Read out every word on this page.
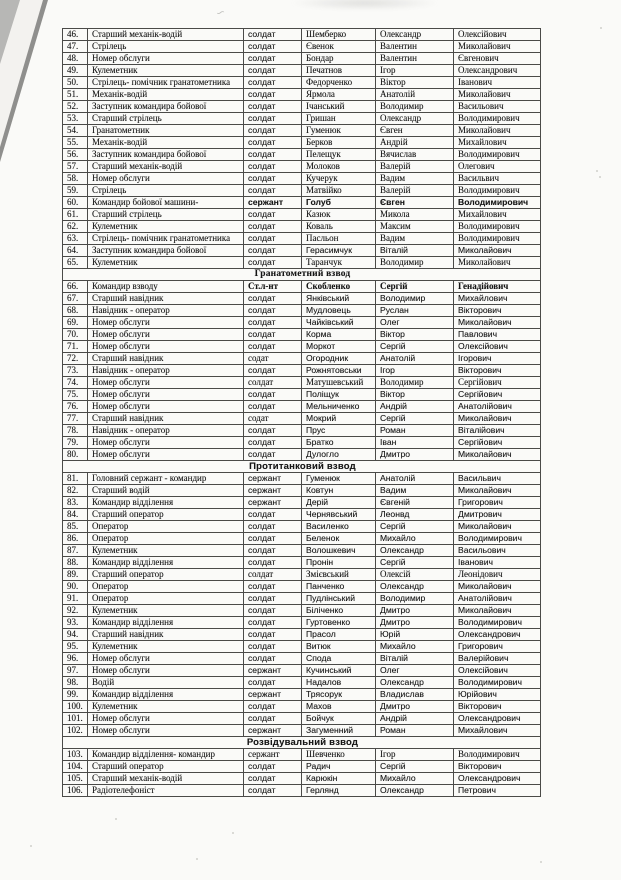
∽
46.	Старший механік-водій	солдат	Шемберко	Олександр	Олексійович
47.	Стрілець	солдат	Євенок	Валентин	Миколайович
48.	Номер обслуги	солдат	Бондар	Валентин	Євгенович
49.	Кулеметник	солдат	Печатнов	Ігор	Олександрович
50.	Стрілець- помічник гранатометника	солдат	Федорченко	Віктор	Іванович
51.	Механік-водій	солдат	Ярмола	Анатолій	Миколайович
52.	Заступник командира бойової	солдат	Ічанський	Володимир	Васильович
53.	Старший стрілець	солдат	Гришан	Олександр	Володимирович
54.	Гранатометник	солдат	Гуменюк	Євген	Миколайович
55.	Механік-водій	солдат	Берков	Андрій	Михайлович
56.	Заступник командира бойової	солдат	Пелещук	Вячислав	Володимирович
57.	Старший механік-водій	солдат	Молоков	Валерій	Олегович
58.	Номер обслуги	солдат	Кучерук	Вадим	Васильвич
59.	Стрілець	солдат	Матвійко	Валерій	Володимирович
60.	Командир бойової машини-	сержант	Голуб	Євген	Володимирович
61.	Старший стрілець	солдат	Казюк	Микола	Михайлович
62.	Кулеметник	солдат	Коваль	Максим	Володимирович
63.	Стрілець- помічник гранатометника	солдат	Пасльон	Вадим	Володимирович
64.	Заступник командира бойової	солдат	Герасимчук	Віталій	Миколайович
65.	Кулеметник	солдат	Таранчук	Володимир	Миколайович
Гранатометний взвод					
66.	Командир взводу	Ст.л-нт	Скобленко	Сергій	Генадійович
67.	Старший навідник	солдат	Янківський	Володимир	Михайлович
68.	Навідник - оператор	солдат	Мудловець	Руслан	Вікторович
69.	Номер обслуги	солдат	Чайківський	Олег	Миколайович
70.	Номер обслуги	солдат	Корма	Віктор	Павлович
71.	Номер обслуги	солдат	Моркот	Сергій	Олексійович
72.	Старший навідник	содат	Огородник	Анатолій	Ігорович
73.	Навідник - оператор	солдат	Рожнятовськи	Ігор	Вікторович
74.	Номер обслуги	солдат	Матушевський	Володимир	Сергійович
75.	Номер обслуги	солдат	Поліщук	Віктор	Сергійович
76.	Номер обслуги	солдат	Мельниченко	Андрій	Анатолійович
77.	Старший навідник	содат	Мокрий	Сергій	Миколайович
78.	Навідник - оператор	солдат	Прус	Роман	Віталійович
79.	Номер обслуги	солдат	Братко	Іван	Сергійович
80.	Номер обслуги	солдат	Дулогло	Дмитро	Миколайович
Протитанковий взвод					
81.	Головний сержант - командир	сержант	Гуменюк	Анатолій	Васильвич
82.	Старший водій	сержант	Ковтун	Вадим	Миколайович
83.	Командир відділення	сержант	Дерій	Євгеній	Григорович
84.	Старший оператор	солдат	Чернявський	Леонвд	Дмитрович
85.	Оператор	солдат	Василенко	Сергій	Миколайович
86.	Оператор	солдат	Беленок	Михайло	Володимирович
87.	Кулеметник	солдат	Волошкевич	Олександр	Васильович
88.	Командир відділення	солдат	Пронін	Сергій	Іванович
89.	Старший оператор	солдат	Змієвський	Олексій	Леонідович
90.	Оператор	солдат	Панченко	Олександр	Миколайович
91.	Оператор	солдат	Пудлінський	Володимир	Анатолійович
92.	Кулеметник	солдат	Біліченко	Дмитро	Миколайович
93.	Командир відділення	солдат	Гуртовенко	Дмитро	Володимирович
94.	Старший навідник	солдат	Прасол	Юрій	Олександрович
95.	Кулеметник	солдат	Витюк	Михайло	Григорович
96.	Номер обслуги	солдат	Спода	Віталій	Валерійович
97.	Номер обслуги	сержант	Кучинський	Олег	Олексійович
98.	Водій	солдат	Надалов	Олександр	Володимирович
99.	Командир відділення	сержант	Трясорук	Владислав	Юрійович
100.	Кулеметник	солдат	Махов	Дмитро	Вікторович
101.	Номер обслуги	солдат	Бойчук	Андрій	Олександрович
102.	Номер обслуги	сержант	Загуменний	Роман	Михайлович
Розвідувальний взвод					
103.	Командир відділення- командир	сержант	Шевченко	Ігор	Володимирович
104.	Старший оператор	солдат	Радич	Сергій	Вікторович
105.	Старший механік-водій	солдат	Карюкін	Михайло	Олександрович
106.	Радіотелефоніст	солдат	Герлянд	Олександр	Петрович
